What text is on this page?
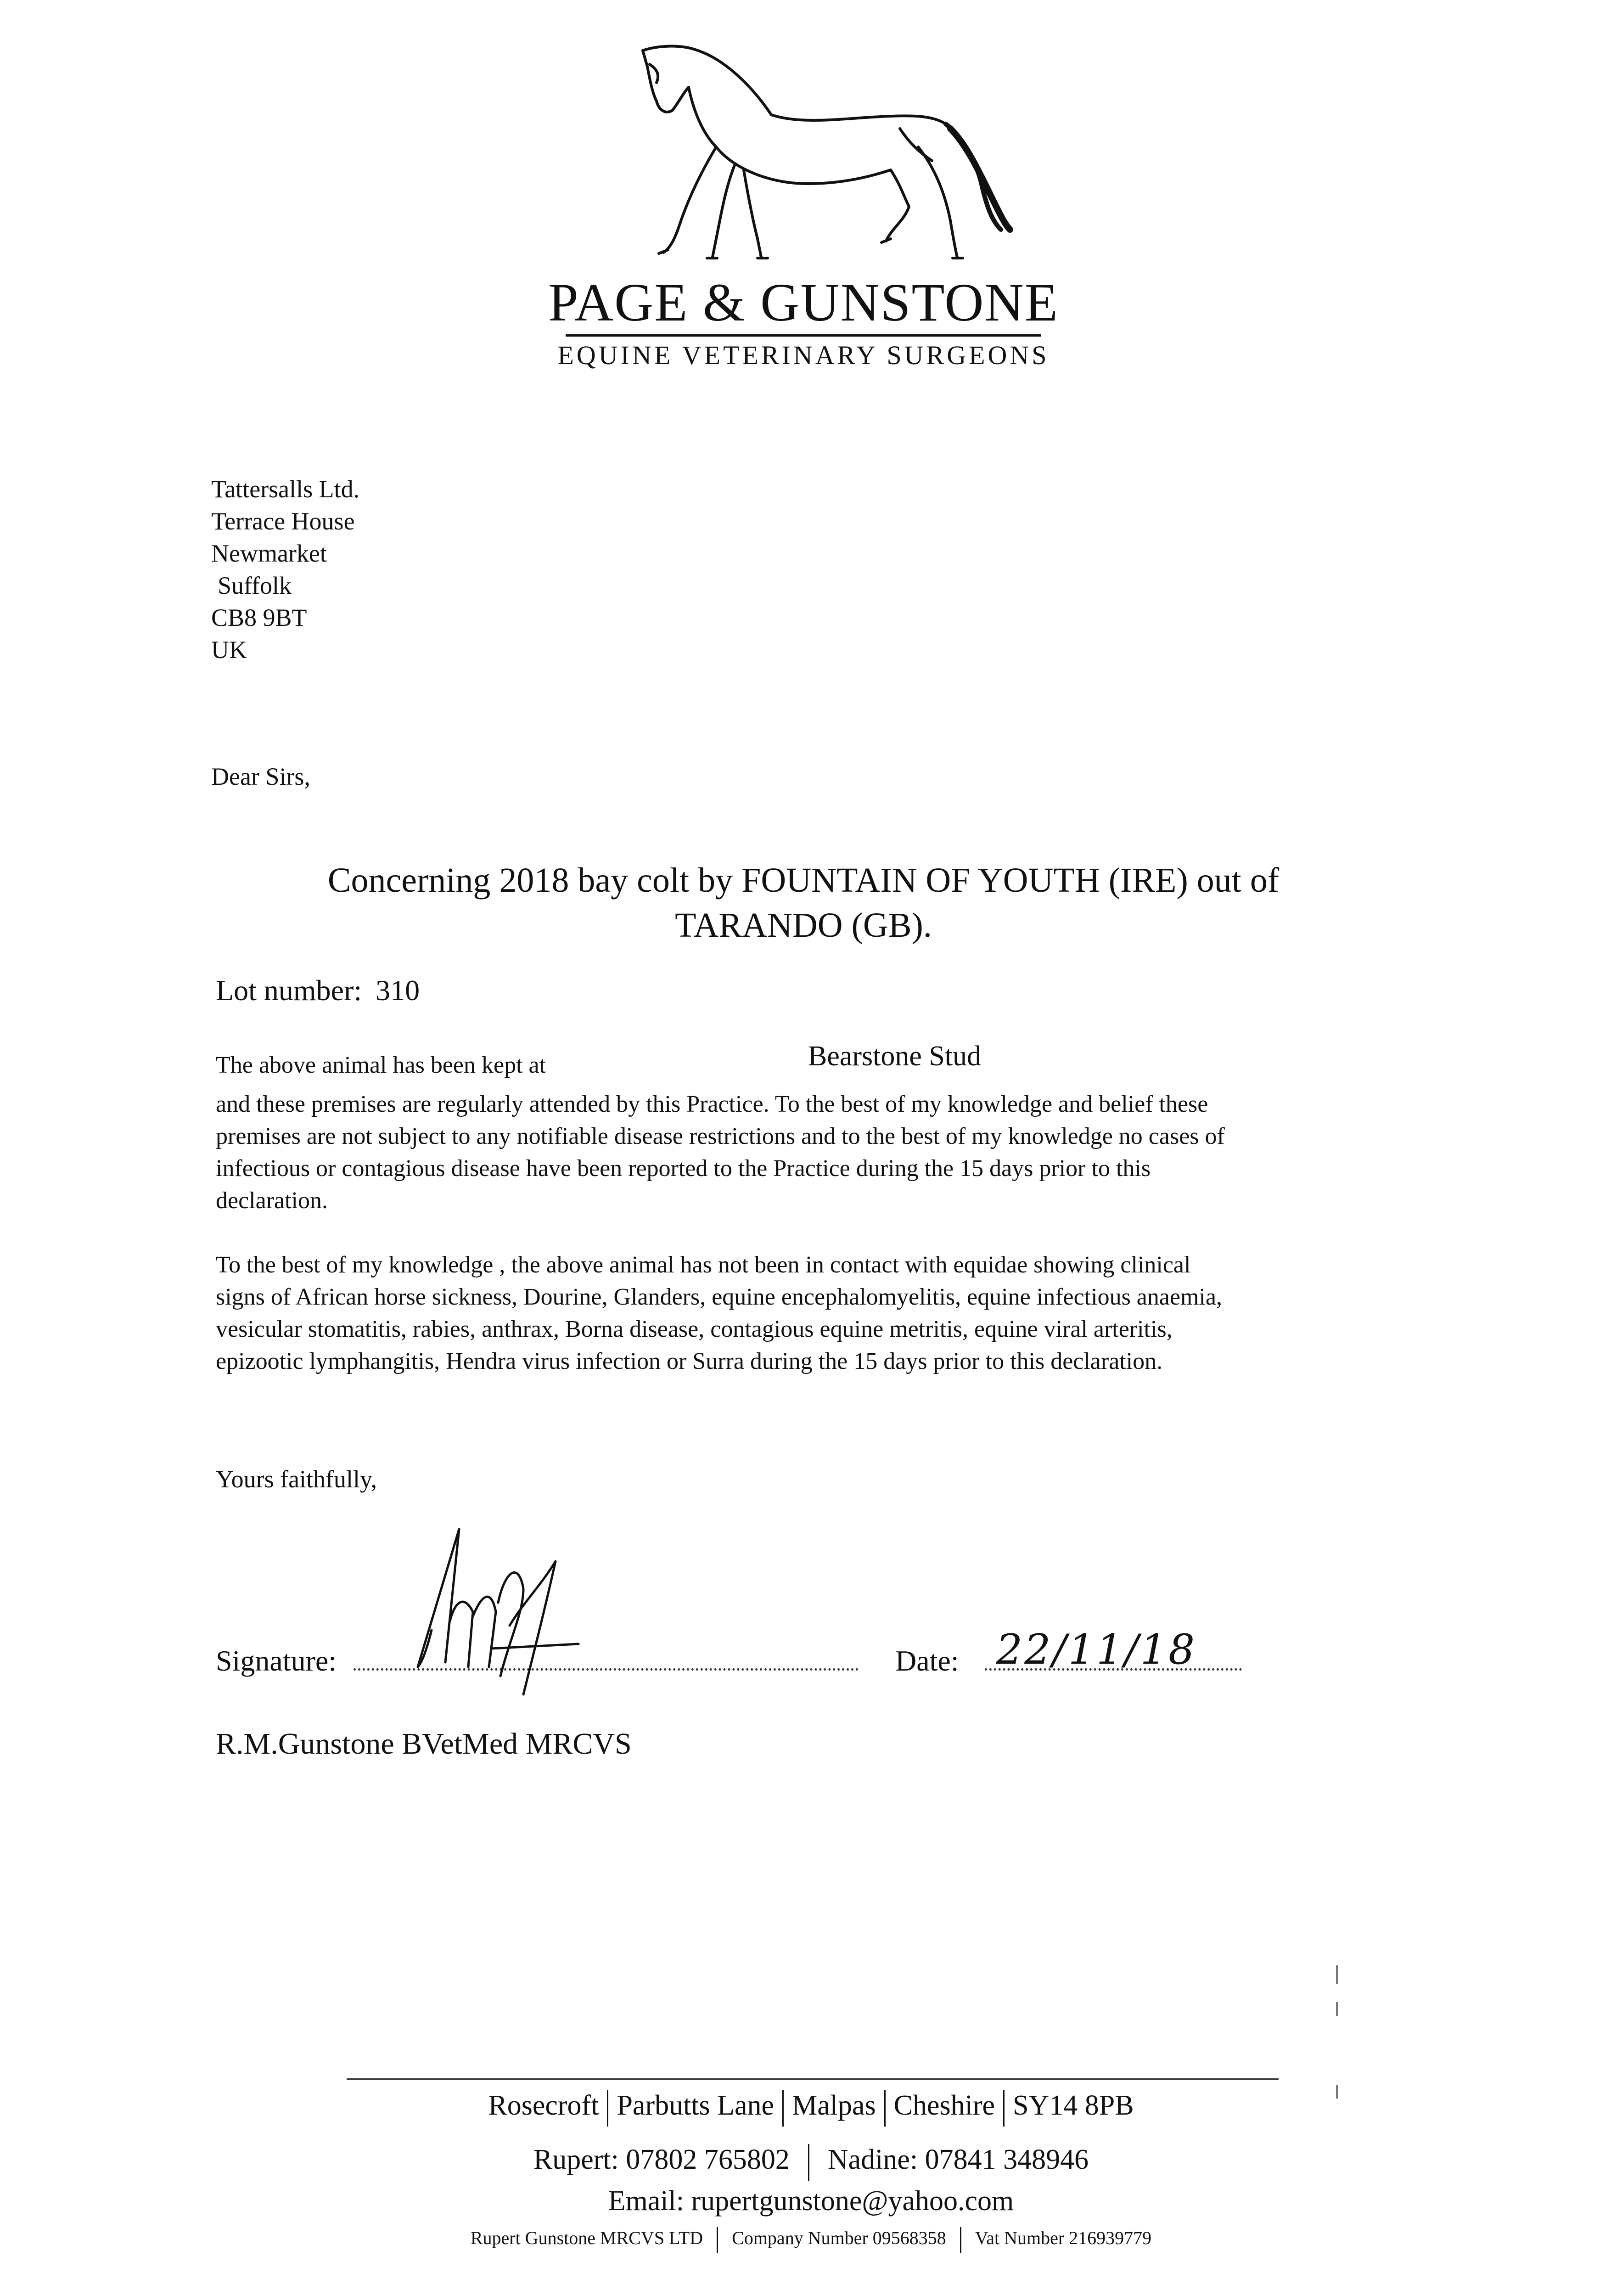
PAGE & GUNSTONE
EQUINE VETERINARY SURGEONS
Tattersalls Ltd.
Terrace House
Newmarket
Suffolk
CB8 9BT
UK
Dear Sirs,
Concerning 2018 bay colt by FOUNTAIN OF YOUTH (IRE) out of
TARANDO (GB).
Lot number: 310
The above animal has been kept at	Bearstone Stud
and these premises are regularly attended by this Practice. To the best of my knowledge and belief these
premises are not subject to any notifiable disease restrictions and to the best of my knowledge no cases of
infectious or contagious disease have been reported to the Practice during the 15 days prior to this
declaration.
To the best of my knowledge , the above animal has not been in contact with equidae showing clinical
signs of African horse sickness, Dourine, Glanders, equine encephalomyelitis, equine infectious anaemia,
vesicular stomatitis, rabies, anthrax, Borna disease, contagious equine metritis, equine viral arteritis,
epizootic lymphangitis, Hendra virus infection or Surra during the 15 days prior to this declaration.
Yours faithfully,
Signature:	Date: 22/11/18
R.M.Gunstone BVetMed MRCVS
Rosecroft Parbutts Lane Malpas Cheshire SY14 8PB
Rupert: 07802 765802 Nadine: 07841 348946
Email: rupertgunstone@yahoo.com
Rupert Gunstone MRCVS LTD Company Number 09568358 Vat Number 216939779
